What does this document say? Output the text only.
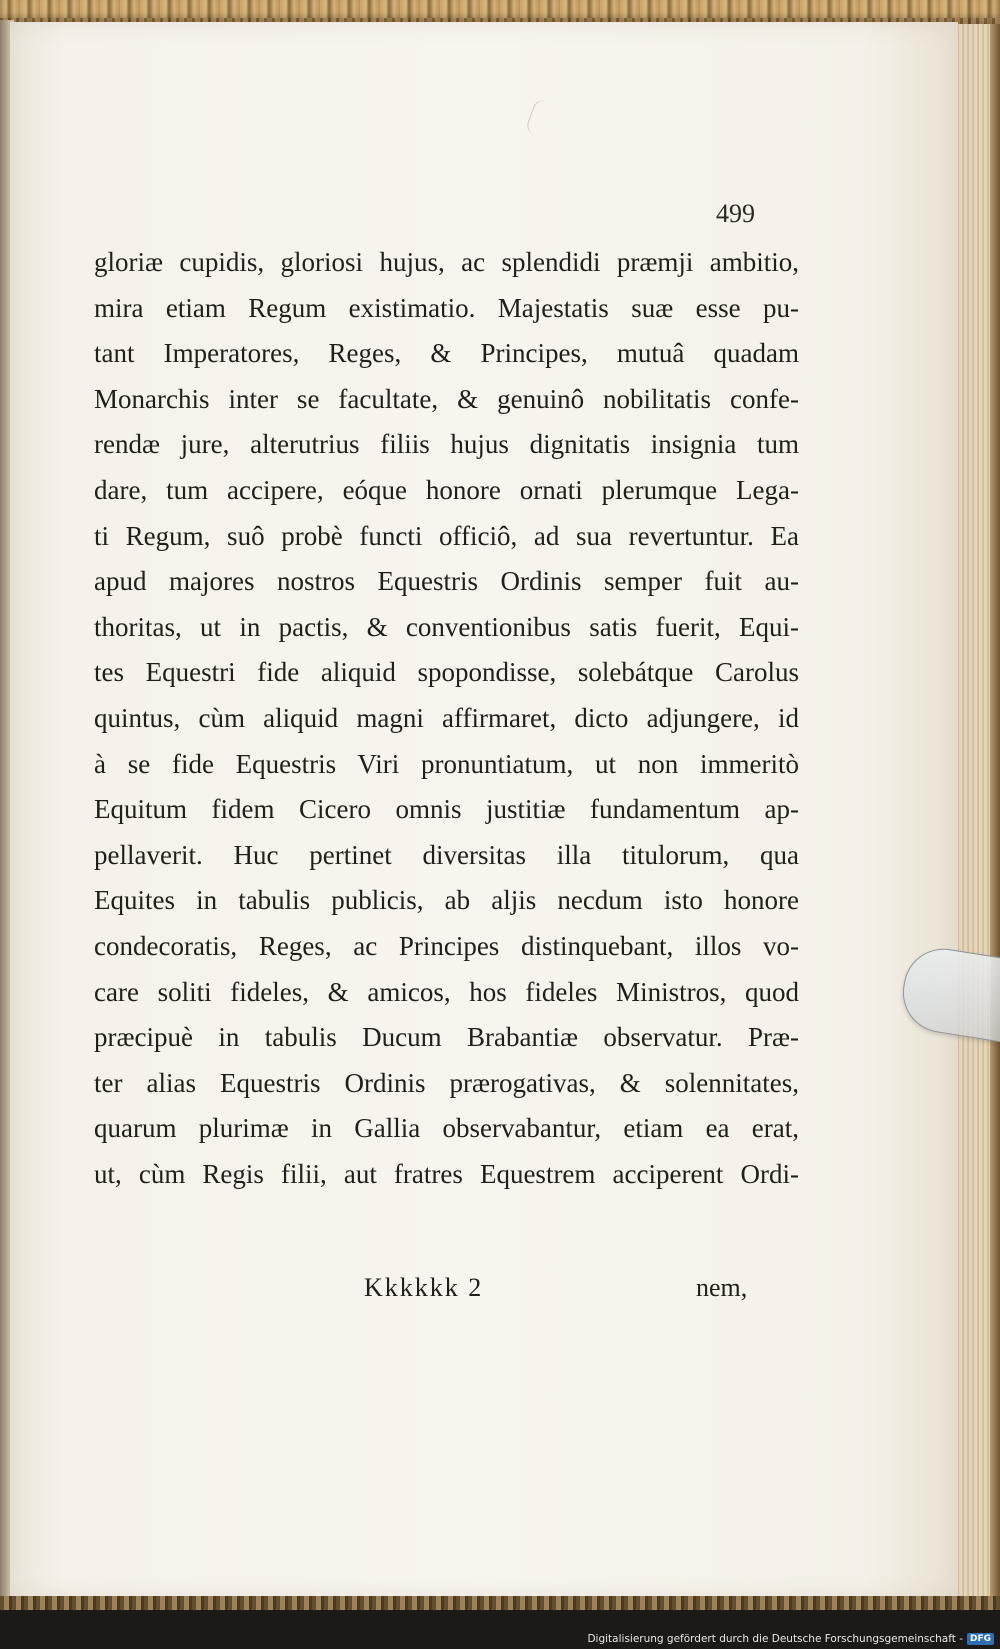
499
gloriæ cupidis, gloriosi hujus, ac splendidi præmji ambitio,
mira etiam Regum existimatio. Majestatis suæ esse pu-
tant Imperatores, Reges, & Principes, mutuâ quadam
Monarchis inter se facultate, & genuinô nobilitatis confe-
rendæ jure, alterutrius filiis hujus dignitatis insignia tum
dare, tum accipere, eóque honore ornati plerumque Lega-
ti Regum, suô probè functi officiô, ad sua revertuntur. Ea
apud majores nostros Equestris Ordinis semper fuit au-
thoritas, ut in pactis, & conventionibus satis fuerit, Equi-
tes Equestri fide aliquid spopondisse, solebátque Carolus
quintus, cùm aliquid magni affirmaret, dicto adjungere, id
à se fide Equestris Viri pronuntiatum, ut non immeritò
Equitum fidem Cicero omnis justitiæ fundamentum ap-
pellaverit. Huc pertinet diversitas illa titulorum, qua
Equites in tabulis publicis, ab aljis necdum isto honore
condecoratis, Reges, ac Principes distinquebant, illos vo-
care soliti fideles, & amicos, hos fideles Ministros, quod
præcipuè in tabulis Ducum Brabantiæ observatur. Præ-
ter alias Equestris Ordinis prærogativas, & solennitates,
quarum plurimæ in Gallia observabantur, etiam ea erat,
ut, cùm Regis filii, aut fratres Equestrem acciperent Ordi-
Kkkkkk 2	nem,
Digitalisierung gefördert durch die Deutsche Forschungsgemeinschaft - DFG
